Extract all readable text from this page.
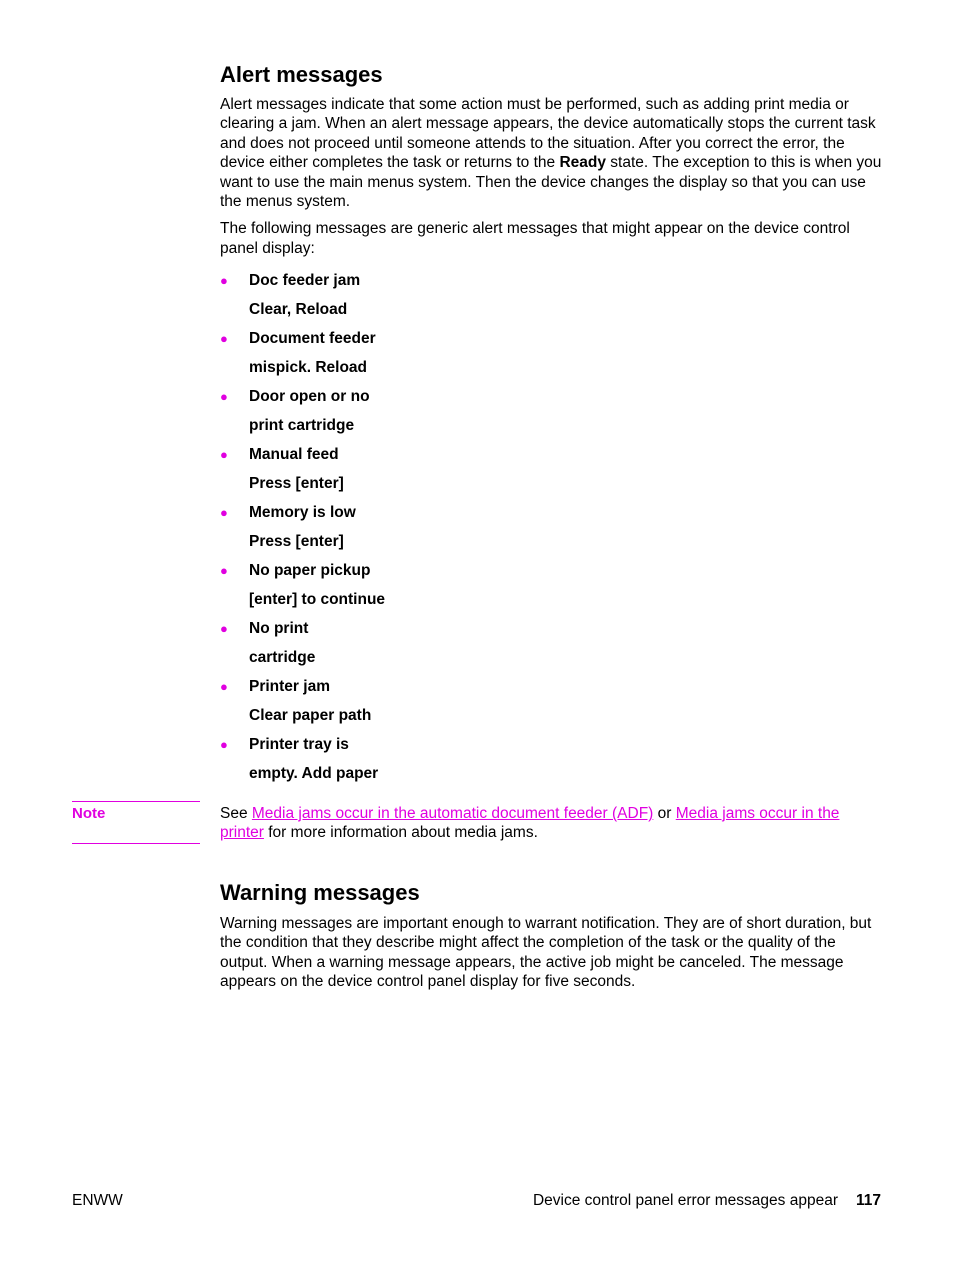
Alert messages

Alert messages indicate that some action must be performed, such as adding print media or clearing a jam. When an alert message appears, the device automatically stops the current task and does not proceed until someone attends to the situation. After you correct the error, the device either completes the task or returns to the Ready state. The exception to this is when you want to use the main menus system. Then the device changes the display so that you can use the menus system.

The following messages are generic alert messages that might appear on the device control panel display:

● Doc feeder jam
Clear, Reload
● Document feeder
mispick. Reload
● Door open or no
print cartridge
● Manual feed
Press [enter]
● Memory is low
Press [enter]
● No paper pickup
[enter] to continue
● No print
cartridge
● Printer jam
Clear paper path
● Printer tray is
empty. Add paper
Note	See Media jams occur in the automatic document feeder (ADF) or Media jams occur in the printer for more information about media jams.
Warning messages

Warning messages are important enough to warrant notification. They are of short duration, but the condition that they describe might affect the completion of the task or the quality of the output. When a warning message appears, the active job might be canceled. The message appears on the device control panel display for five seconds.

ENWW	Device control panel error messages appear 117
